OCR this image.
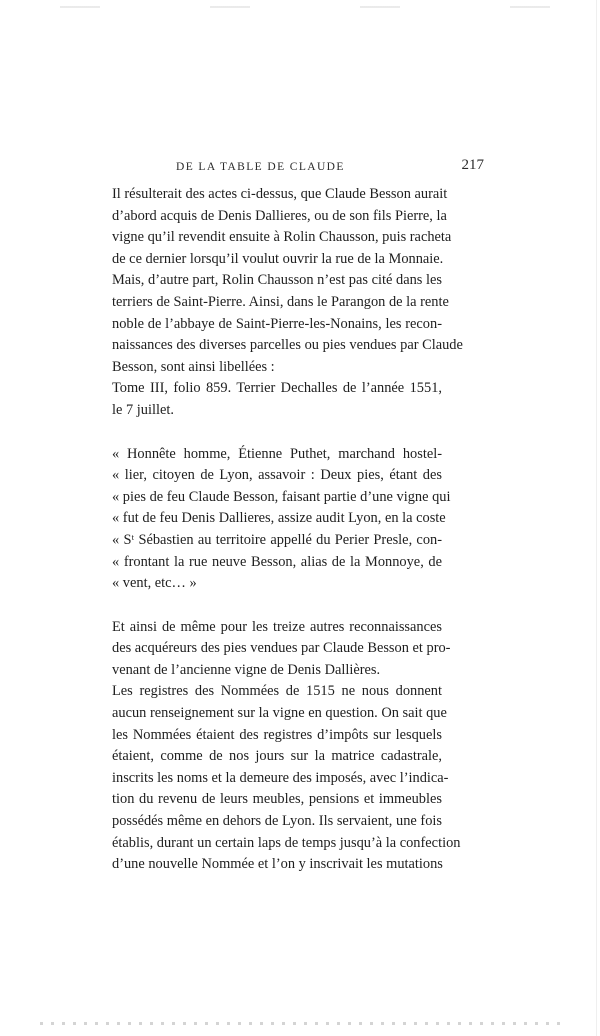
DE LA TABLE DE CLAUDE	217
Il résulterait des actes ci-dessus, que Claude Besson aurait
d’abord acquis de Denis Dallieres, ou de son fils Pierre, la
vigne qu’il revendit ensuite à Rolin Chausson, puis racheta
de ce dernier lorsqu’il voulut ouvrir la rue de la Monnaie.
Mais, d’autre part, Rolin Chausson n’est pas cité dans les
terriers de Saint-Pierre. Ainsi, dans le Parangon de la rente
noble de l’abbaye de Saint-Pierre-les-Nonains, les recon-
naissances des diverses parcelles ou pies vendues par Claude
Besson, sont ainsi libellées :
Tome III, folio 859. Terrier Dechalles de l’année 1551,
le 7 juillet.
« Honnête homme, Étienne Puthet, marchand hostel-
« lier, citoyen de Lyon, assavoir : Deux pies, étant des
« pies de feu Claude Besson, faisant partie d’une vigne qui
« fut de feu Denis Dallieres, assize audit Lyon, en la coste
« Sᵗ Sébastien au territoire appellé du Perier Presle, con-
« frontant la rue neuve Besson, alias de la Monnoye, de
« vent, etc… »
Et ainsi de même pour les treize autres reconnaissances
des acquéreurs des pies vendues par Claude Besson et pro-
venant de l’ancienne vigne de Denis Dallières.
Les registres des Nommées de 1515 ne nous donnent
aucun renseignement sur la vigne en question. On sait que
les Nommées étaient des registres d’impôts sur lesquels
étaient, comme de nos jours sur la matrice cadastrale,
inscrits les noms et la demeure des imposés, avec l’indica-
tion du revenu de leurs meubles, pensions et immeubles
possédés même en dehors de Lyon. Ils servaient, une fois
établis, durant un certain laps de temps jusqu’à la confection
d’une nouvelle Nommée et l’on y inscrivait les mutations
